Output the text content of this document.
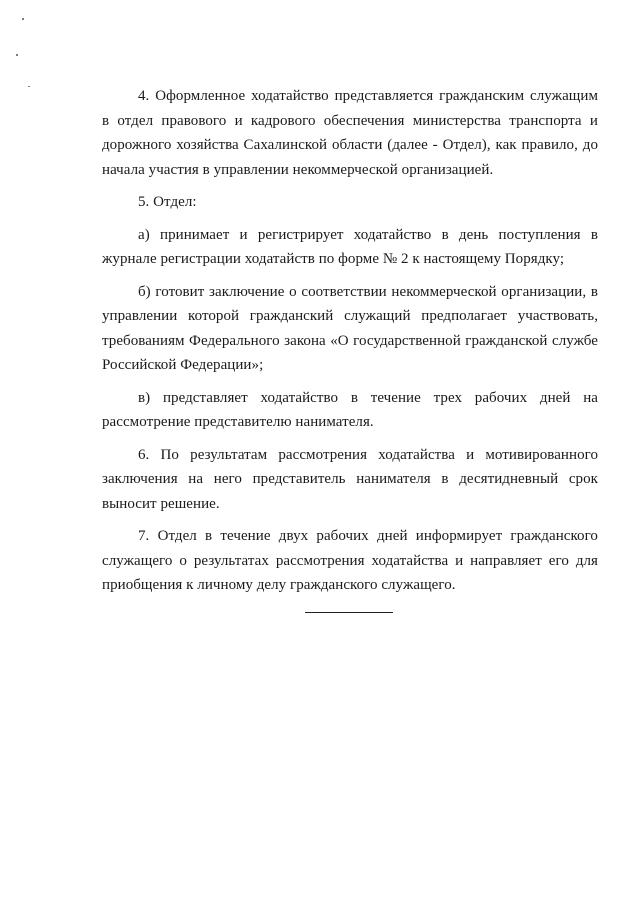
4. Оформленное ходатайство представляется гражданским служащим в отдел правового и кадрового обеспечения министерства транспорта и дорожного хозяйства Сахалинской области (далее - Отдел), как правило, до начала участия в управлении некоммерческой организацией.

5. Отдел:

а) принимает и регистрирует ходатайство в день поступления в журнале регистрации ходатайств по форме № 2 к настоящему Порядку;

б) готовит заключение о соответствии некоммерческой организации, в управлении которой гражданский служащий предполагает участвовать, требованиям Федерального закона «О государственной гражданской службе Российской Федерации»;

в) представляет ходатайство в течение трех рабочих дней на рассмотрение представителю нанимателя.

6. По результатам рассмотрения ходатайства и мотивированного заключения на него представитель нанимателя в десятидневный срок выносит решение.

7. Отдел в течение двух рабочих дней информирует гражданского служащего о результатах рассмотрения ходатайства и направляет его для приобщения к личному делу гражданского служащего.
